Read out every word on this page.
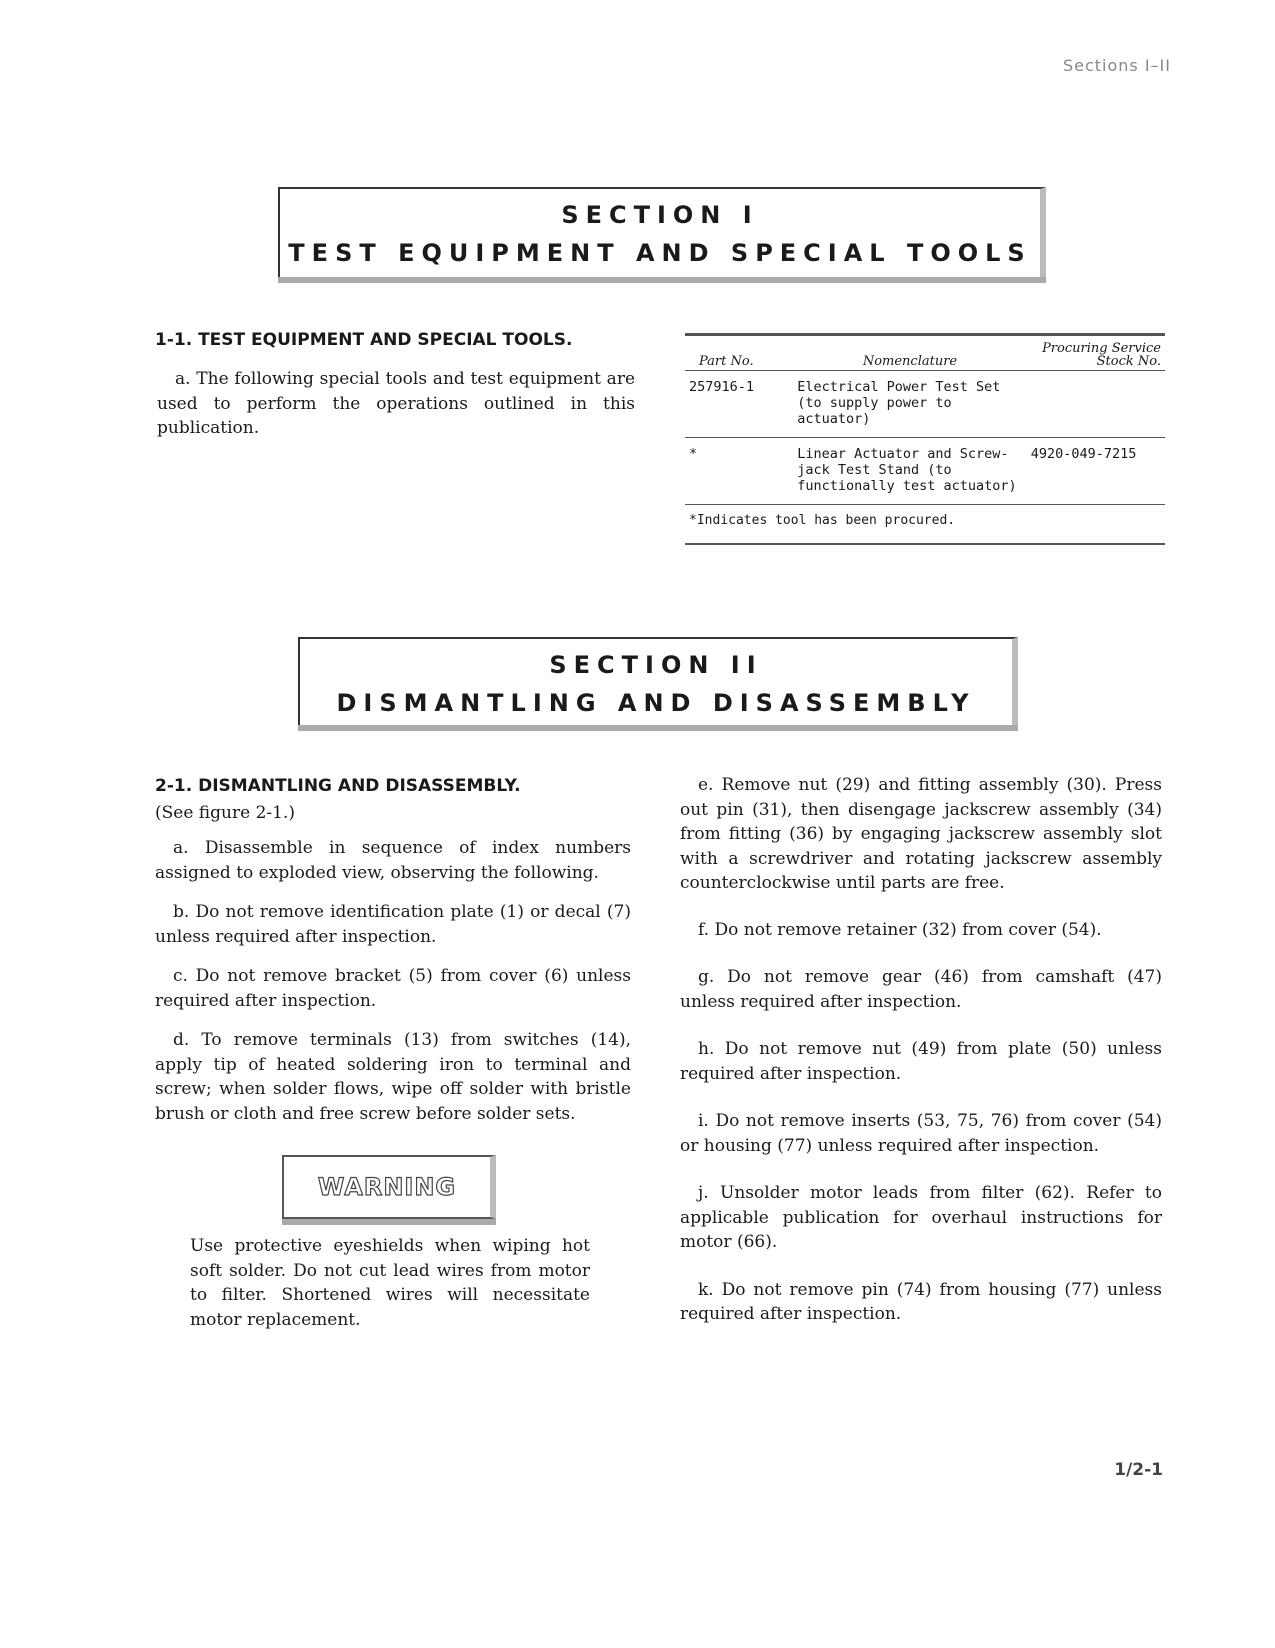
Sections I–II
SECTION I
TEST EQUIPMENT AND SPECIAL TOOLS
1-1. TEST EQUIPMENT AND SPECIAL TOOLS.
a. The following special tools and test equipment are used to perform the operations outlined in this publication.
Part No.	Nomenclature	Procuring Service Stock No.
257916-1	Electrical Power Test Set (to supply power to actuator)	
*	Linear Actuator and Screw-jack Test Stand (to functionally test actuator)	4920-049-7215
*Indicates tool has been procured.		
SECTION II
DISMANTLING AND DISASSEMBLY
2-1. DISMANTLING AND DISASSEMBLY.
(See figure 2-1.)
a. Disassemble in sequence of index numbers assigned to exploded view, observing the following.
b. Do not remove identification plate (1) or decal (7) unless required after inspection.
c. Do not remove bracket (5) from cover (6) unless required after inspection.
d. To remove terminals (13) from switches (14), apply tip of heated soldering iron to terminal and screw; when solder flows, wipe off solder with bristle brush or cloth and free screw before solder sets.
WARNING
Use protective eyeshields when wiping hot soft solder. Do not cut lead wires from motor to filter. Shortened wires will necessitate motor replacement.
e. Remove nut (29) and fitting assembly (30). Press out pin (31), then disengage jackscrew assembly (34) from fitting (36) by engaging jackscrew assembly slot with a screwdriver and rotating jackscrew assembly counterclockwise until parts are free.
f. Do not remove retainer (32) from cover (54).
g. Do not remove gear (46) from camshaft (47) unless required after inspection.
h. Do not remove nut (49) from plate (50) unless required after inspection.
i. Do not remove inserts (53, 75, 76) from cover (54) or housing (77) unless required after inspection.
j. Unsolder motor leads from filter (62). Refer to applicable publication for overhaul instructions for motor (66).
k. Do not remove pin (74) from housing (77) unless required after inspection.
1/2-1
